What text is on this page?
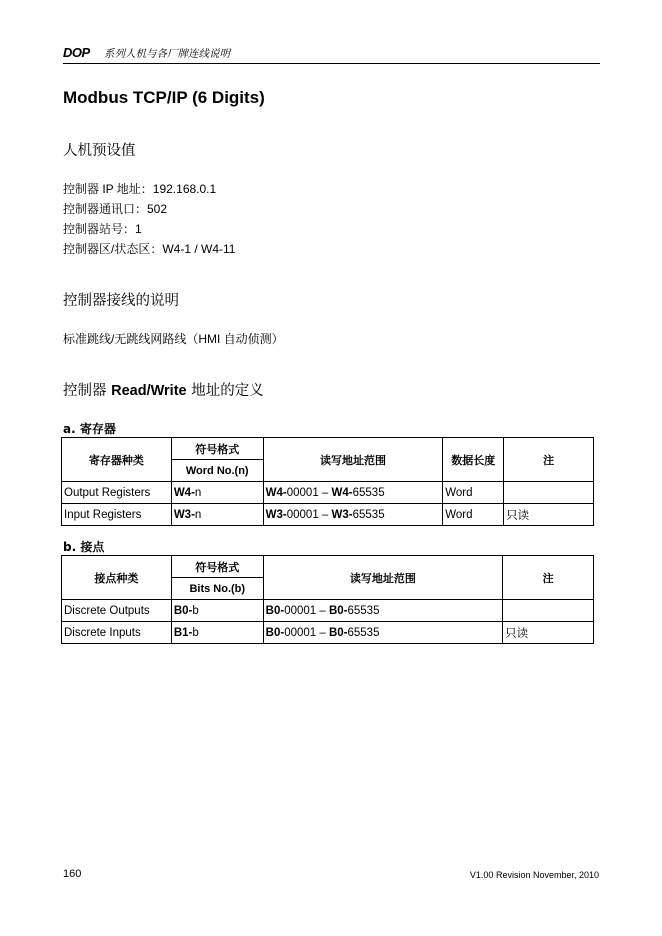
DOP 系列人机与各厂牌连线说明
Modbus TCP/IP (6 Digits)
人机预设值
控制器 IP 地址：192.168.0.1
控制器通讯口：502
控制器站号：1
控制器区/状态区：W4-1 / W4-11
控制器接线的说明
标准跳线/无跳线网路线（HMI 自动侦测）
控制器 Read/Write 地址的定义
a. 寄存器
寄存器种类	符号格式	读写地址范围	数据长度	注
	Word No.(n)			
Output Registers	W4-n	W4-00001 – W4-65535	Word	
Input Registers	W3-n	W3-00001 – W3-65535	Word	只读
b. 接点
接点种类	符号格式	读写地址范围	注
	Bits No.(b)		
Discrete Outputs	B0-b	B0-00001 – B0-65535	
Discrete Inputs	B1-b	B0-00001 – B0-65535	只读
160	V1.00 Revision November, 2010
